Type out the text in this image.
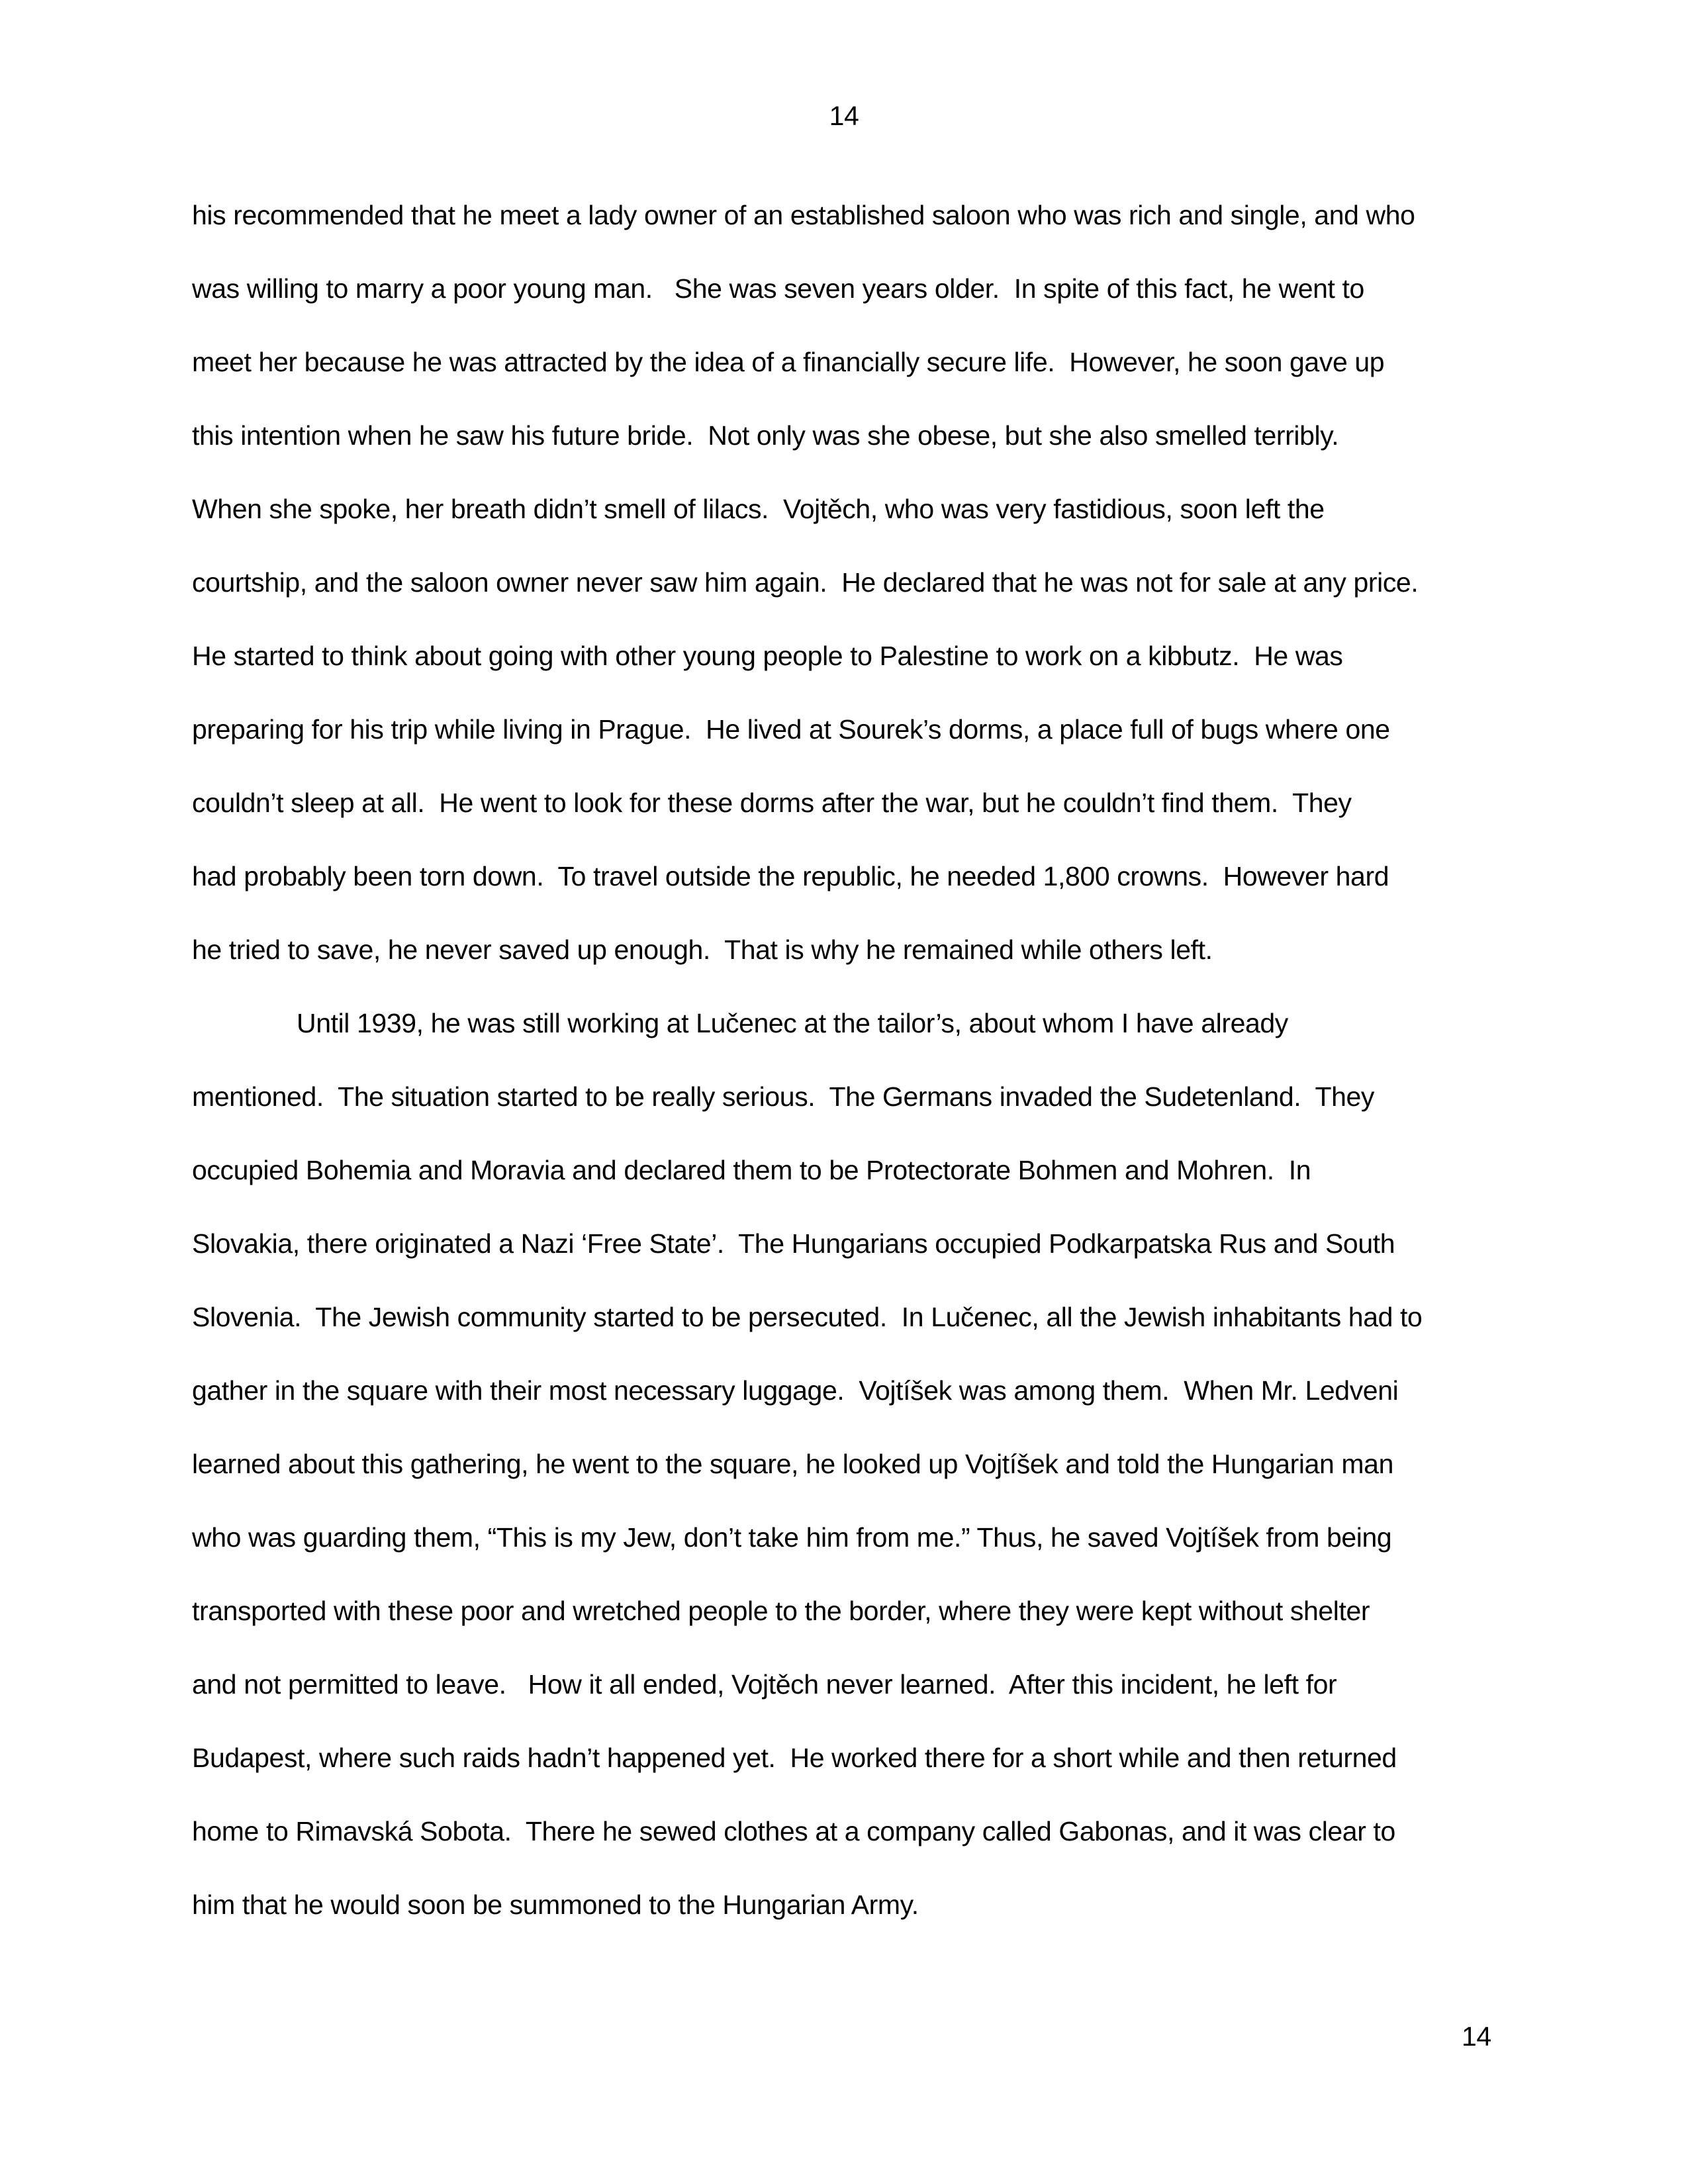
14
his recommended that he meet a lady owner of an established saloon who was rich and single, and who
was willing to marry a poor young man.   She was seven years older.  In spite of this fact, he went to
meet her because he was attracted by the idea of a financially secure life.  However, he soon gave up
this intention when he saw his future bride.  Not only was she obese, but she also smelled terribly.
When she spoke, her breath didn’t smell of lilacs.  Vojtěch, who was very fastidious, soon left the
courtship, and the saloon owner never saw him again.  He declared that he was not for sale at any price.
He started to think about going with other young people to Palestine to work on a kibbutz.  He was
preparing for his trip while living in Prague.  He lived at Sourek’s dorms, a place full of bugs where one
couldn’t sleep at all.  He went to look for these dorms after the war, but he couldn’t find them.  They
had probably been torn down.  To travel outside the republic, he needed 1,800 crowns.  However hard
he tried to save, he never saved up enough.  That is why he remained while others left.
Until 1939, he was still working at Lučenec at the tailor’s, about whom I have already
mentioned.  The situation started to be really serious.  The Germans invaded the Sudetenland.  They
occupied Bohemia and Moravia and declared them to be Protectorate Bohmen and Mohren.  In
Slovakia, there originated a Nazi ‘Free State’.  The Hungarians occupied Podkarpatska Rus and South
Slovenia.  The Jewish community started to be persecuted.  In Lučenec, all the Jewish inhabitants had to
gather in the square with their most necessary luggage.  Vojtíšek was among them.  When Mr. Ledveni
learned about this gathering, he went to the square, he looked up Vojtíšek and told the Hungarian man
who was guarding them, “This is my Jew, don’t take him from me.” Thus, he saved Vojtíšek from being
transported with these poor and wretched people to the border, where they were kept without shelter
and not permitted to leave.   How it all ended, Vojtěch never learned.  After this incident, he left for
Budapest, where such raids hadn’t happened yet.  He worked there for a short while and then returned
home to Rimavská Sobota.  There he sewed clothes at a company called Gabonas, and it was clear to
him that he would soon be summoned to the Hungarian Army.
14
